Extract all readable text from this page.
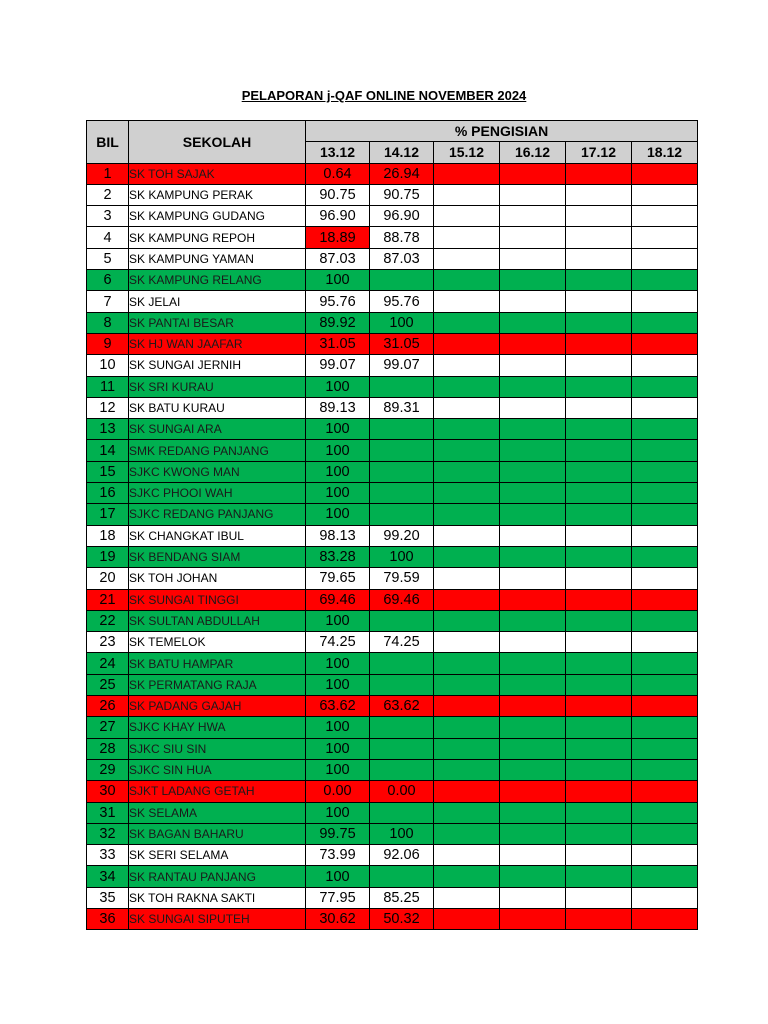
PELAPORAN j-QAF ONLINE NOVEMBER 2024
BIL	SEKOLAH	% PENGISIAN					
		13.12	14.12	15.12	16.12	17.12	18.12
1	SK TOH SAJAK	0.64	26.94				
2	SK KAMPUNG PERAK	90.75	90.75				
3	SK KAMPUNG GUDANG	96.90	96.90				
4	SK KAMPUNG REPOH	18.89	88.78				
5	SK KAMPUNG YAMAN	87.03	87.03				
6	SK KAMPUNG RELANG	100					
7	SK JELAI	95.76	95.76				
8	SK PANTAI BESAR	89.92	100				
9	SK HJ WAN JAAFAR	31.05	31.05				
10	SK SUNGAI JERNIH	99.07	99.07				
11	SK SRI KURAU	100					
12	SK BATU KURAU	89.13	89.31				
13	SK SUNGAI ARA	100					
14	SMK REDANG PANJANG	100					
15	SJKC KWONG MAN	100					
16	SJKC PHOOI WAH	100					
17	SJKC REDANG PANJANG	100					
18	SK CHANGKAT IBUL	98.13	99.20				
19	SK BENDANG SIAM	83.28	100				
20	SK TOH JOHAN	79.65	79.59				
21	SK SUNGAI TINGGI	69.46	69.46				
22	SK SULTAN ABDULLAH	100					
23	SK TEMELOK	74.25	74.25				
24	SK BATU HAMPAR	100					
25	SK PERMATANG RAJA	100					
26	SK PADANG GAJAH	63.62	63.62				
27	SJKC KHAY HWA	100					
28	SJKC SIU SIN	100					
29	SJKC SIN HUA	100					
30	SJKT LADANG GETAH	0.00	0.00				
31	SK SELAMA	100					
32	SK BAGAN BAHARU	99.75	100				
33	SK SERI SELAMA	73.99	92.06				
34	SK RANTAU PANJANG	100					
35	SK TOH RAKNA SAKTI	77.95	85.25				
36	SK SUNGAI SIPUTEH	30.62	50.32				
